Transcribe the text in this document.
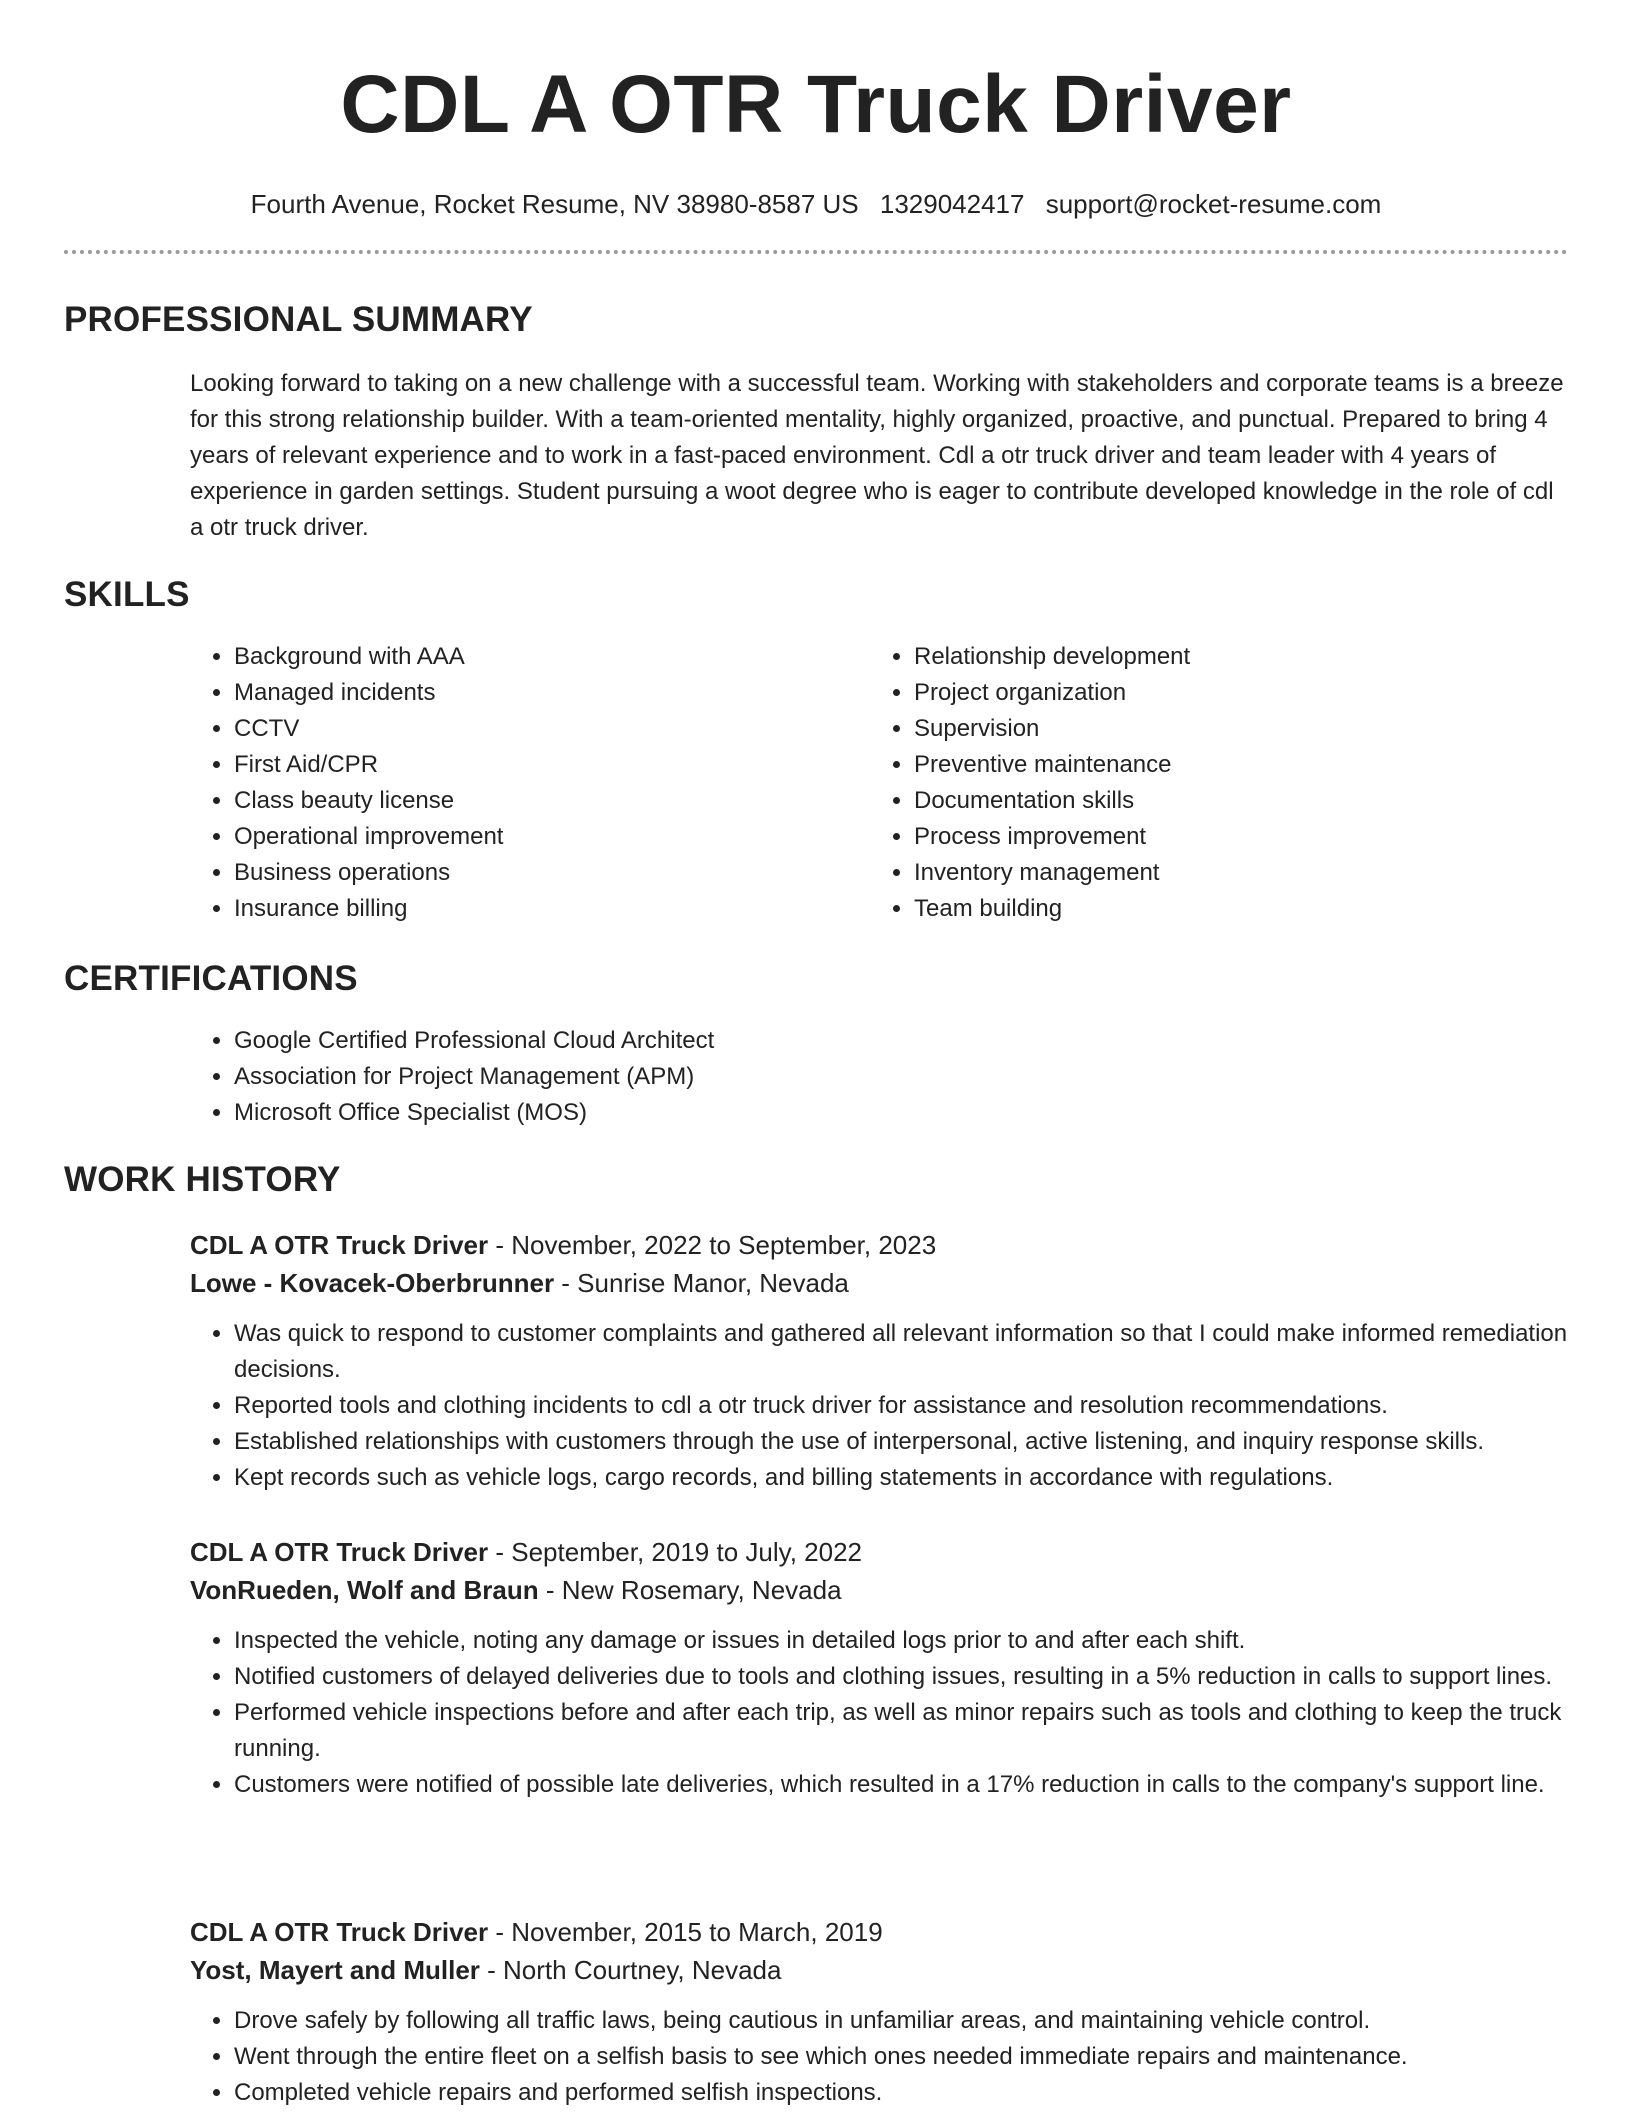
CDL A OTR Truck Driver
Fourth Avenue, Rocket Resume, NV 38980-8587 US 1329042417 support@rocket-resume.com
PROFESSIONAL SUMMARY

Looking forward to taking on a new challenge with a successful team. Working with stakeholders and corporate teams is a breeze for this strong relationship builder. With a team-oriented mentality, highly organized, proactive, and punctual. Prepared to bring 4 years of relevant experience and to work in a fast-paced environment. Cdl a otr truck driver and team leader with 4 years of experience in garden settings. Student pursuing a woot degree who is eager to contribute developed knowledge in the role of cdl a otr truck driver.

SKILLS
• Background with AAA
• Managed incidents
• CCTV
• First Aid/CPR
• Class beauty license
• Operational improvement
• Business operations
• Insurance billing
• Relationship development
• Project organization
• Supervision
• Preventive maintenance
• Documentation skills
• Process improvement
• Inventory management
• Team building
CERTIFICATIONS
• Google Certified Professional Cloud Architect
• Association for Project Management (APM)
• Microsoft Office Specialist (MOS)
WORK HISTORY
CDL A OTR Truck Driver - November, 2022 to September, 2023
Lowe - Kovacek-Oberbrunner - Sunrise Manor, Nevada
• Was quick to respond to customer complaints and gathered all relevant information so that I could make informed remediation decisions.
• Reported tools and clothing incidents to cdl a otr truck driver for assistance and resolution recommendations.
• Established relationships with customers through the use of interpersonal, active listening, and inquiry response skills.
• Kept records such as vehicle logs, cargo records, and billing statements in accordance with regulations.
CDL A OTR Truck Driver - September, 2019 to July, 2022
VonRueden, Wolf and Braun - New Rosemary, Nevada
• Inspected the vehicle, noting any damage or issues in detailed logs prior to and after each shift.
• Notified customers of delayed deliveries due to tools and clothing issues, resulting in a 5% reduction in calls to support lines.
• Performed vehicle inspections before and after each trip, as well as minor repairs such as tools and clothing to keep the truck running.
• Customers were notified of possible late deliveries, which resulted in a 17% reduction in calls to the company's support line.
CDL A OTR Truck Driver - November, 2015 to March, 2019
Yost, Mayert and Muller - North Courtney, Nevada
• Drove safely by following all traffic laws, being cautious in unfamiliar areas, and maintaining vehicle control.
• Went through the entire fleet on a selfish basis to see which ones needed immediate repairs and maintenance.
• Completed vehicle repairs and performed selfish inspections.
